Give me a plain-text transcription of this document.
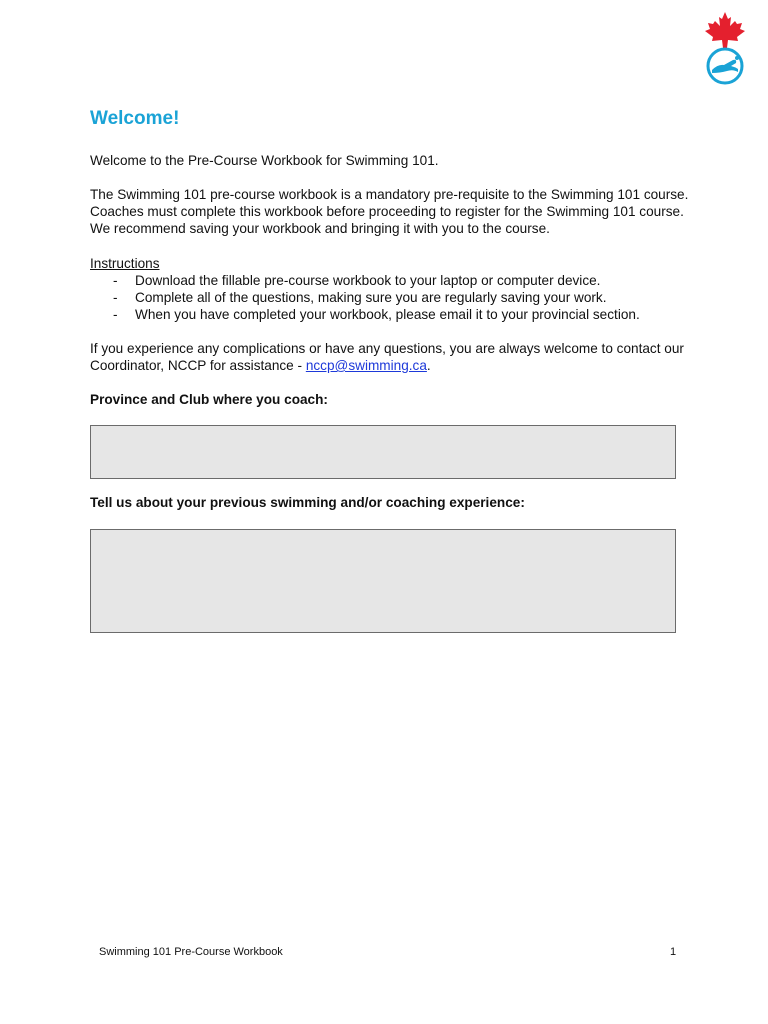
Welcome!

Welcome to the Pre-Course Workbook for Swimming 101.

The Swimming 101 pre-course workbook is a mandatory pre-requisite to the Swimming 101 course. Coaches must complete this workbook before proceeding to register for the Swimming 101 course. We recommend saving your workbook and bringing it with you to the course.

Instructions

- Download the fillable pre-course workbook to your laptop or computer device.
- Complete all of the questions, making sure you are regularly saving your work.
- When you have completed your workbook, please email it to your provincial section.

If you experience any complications or have any questions, you are always welcome to contact our Coordinator, NCCP for assistance - nccp@swimming.ca.

Province and Club where you coach:

Tell us about your previous swimming and/or coaching experience:

Swimming 101 Pre-Course Workbook	1
